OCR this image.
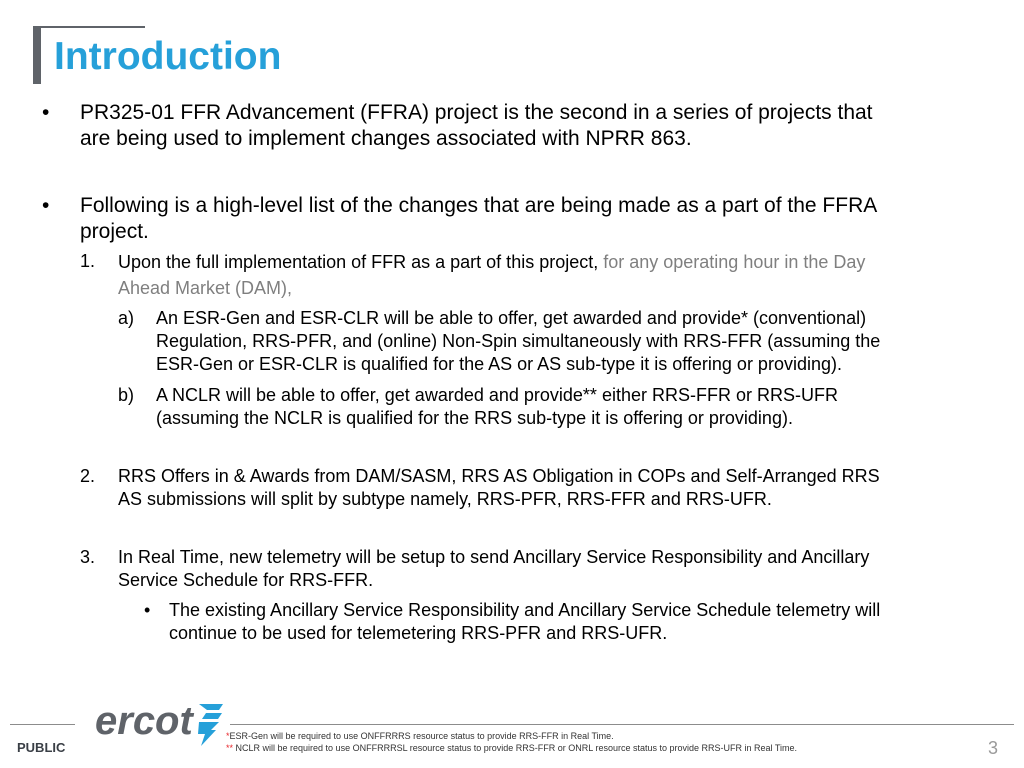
Introduction
• PR325-01 FFR Advancement (FFRA) project is the second in a series of projects that
are being used to implement changes associated with NPRR 863.
• Following is a high-level list of the changes that are being made as a part of the FFRA
project.
1. Upon the full implementation of FFR as a part of this project, for any operating hour in the Day
Ahead Market (DAM),
a) An ESR-Gen and ESR-CLR will be able to offer, get awarded and provide* (conventional)
Regulation, RRS-PFR, and (online) Non-Spin simultaneously with RRS-FFR (assuming the
ESR-Gen or ESR-CLR is qualified for the AS or AS sub-type it is offering or providing).
b) A NCLR will be able to offer, get awarded and provide** either RRS-FFR or RRS-UFR
(assuming the NCLR is qualified for the RRS sub-type it is offering or providing).
2. RRS Offers in & Awards from DAM/SASM, RRS AS Obligation in COPs and Self-Arranged RRS
AS submissions will split by subtype namely, RRS-PFR, RRS-FFR and RRS-UFR.
3. In Real Time, new telemetry will be setup to send Ancillary Service Responsibility and Ancillary
Service Schedule for RRS-FFR.
• The existing Ancillary Service Responsibility and Ancillary Service Schedule telemetry will
continue to be used for telemetering RRS-PFR and RRS-UFR.
PUBLIC
ercot	*ESR-Gen will be required to use ONFFRRRS resource status to provide RRS-FFR in Real Time.
** NCLR will be required to use ONFFRRRSL resource status to provide RRS-FFR or ONRL resource status to provide RRS-UFR in Real Time.	3
